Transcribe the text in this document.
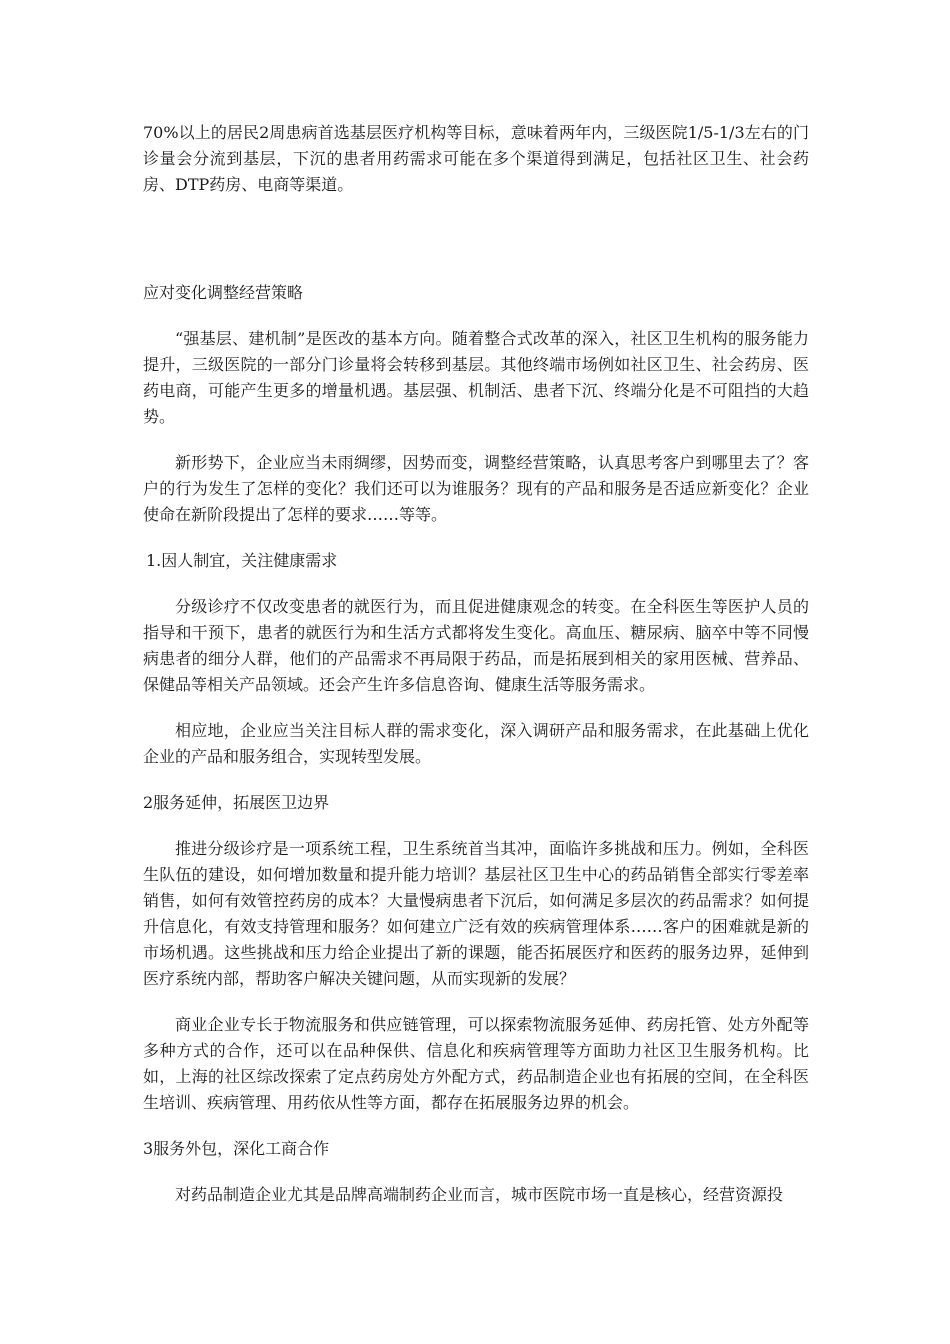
70%以上的居民2周患病首选基层医疗机构等目标，意味着两年内，三级医院1/5-1/3左右的门诊量会分流到基层，下沉的患者用药需求可能在多个渠道得到满足，包括社区卫生、社会药房、DTP药房、电商等渠道。

应对变化调整经营策略

“强基层、建机制”是医改的基本方向。随着整合式改革的深入，社区卫生机构的服务能力提升，三级医院的一部分门诊量将会转移到基层。其他终端市场例如社区卫生、社会药房、医药电商，可能产生更多的增量机遇。基层强、机制活、患者下沉、终端分化是不可阻挡的大趋势。

新形势下，企业应当未雨绸缪，因势而变，调整经营策略，认真思考客户到哪里去了？客户的行为发生了怎样的变化？我们还可以为谁服务？现有的产品和服务是否适应新变化？企业使命在新阶段提出了怎样的要求……等等。

1.因人制宜，关注健康需求

分级诊疗不仅改变患者的就医行为，而且促进健康观念的转变。在全科医生等医护人员的指导和干预下，患者的就医行为和生活方式都将发生变化。高血压、糖尿病、脑卒中等不同慢病患者的细分人群，他们的产品需求不再局限于药品，而是拓展到相关的家用医械、营养品、保健品等相关产品领域。还会产生许多信息咨询、健康生活等服务需求。

相应地，企业应当关注目标人群的需求变化，深入调研产品和服务需求，在此基础上优化企业的产品和服务组合，实现转型发展。

2服务延伸，拓展医卫边界

推进分级诊疗是一项系统工程，卫生系统首当其冲，面临许多挑战和压力。例如，全科医生队伍的建设，如何增加数量和提升能力培训？基层社区卫生中心的药品销售全部实行零差率销售，如何有效管控药房的成本？大量慢病患者下沉后，如何满足多层次的药品需求？如何提升信息化，有效支持管理和服务？如何建立广泛有效的疾病管理体系……客户的困难就是新的市场机遇。这些挑战和压力给企业提出了新的课题，能否拓展医疗和医药的服务边界，延伸到医疗系统内部，帮助客户解决关键问题，从而实现新的发展？

商业企业专长于物流服务和供应链管理，可以探索物流服务延伸、药房托管、处方外配等多种方式的合作，还可以在品种保供、信息化和疾病管理等方面助力社区卫生服务机构。比如，上海的社区综改探索了定点药房处方外配方式，药品制造企业也有拓展的空间，在全科医生培训、疾病管理、用药依从性等方面，都存在拓展服务边界的机会。

3服务外包，深化工商合作

对药品制造企业尤其是品牌高端制药企业而言，城市医院市场一直是核心，经营资源投
